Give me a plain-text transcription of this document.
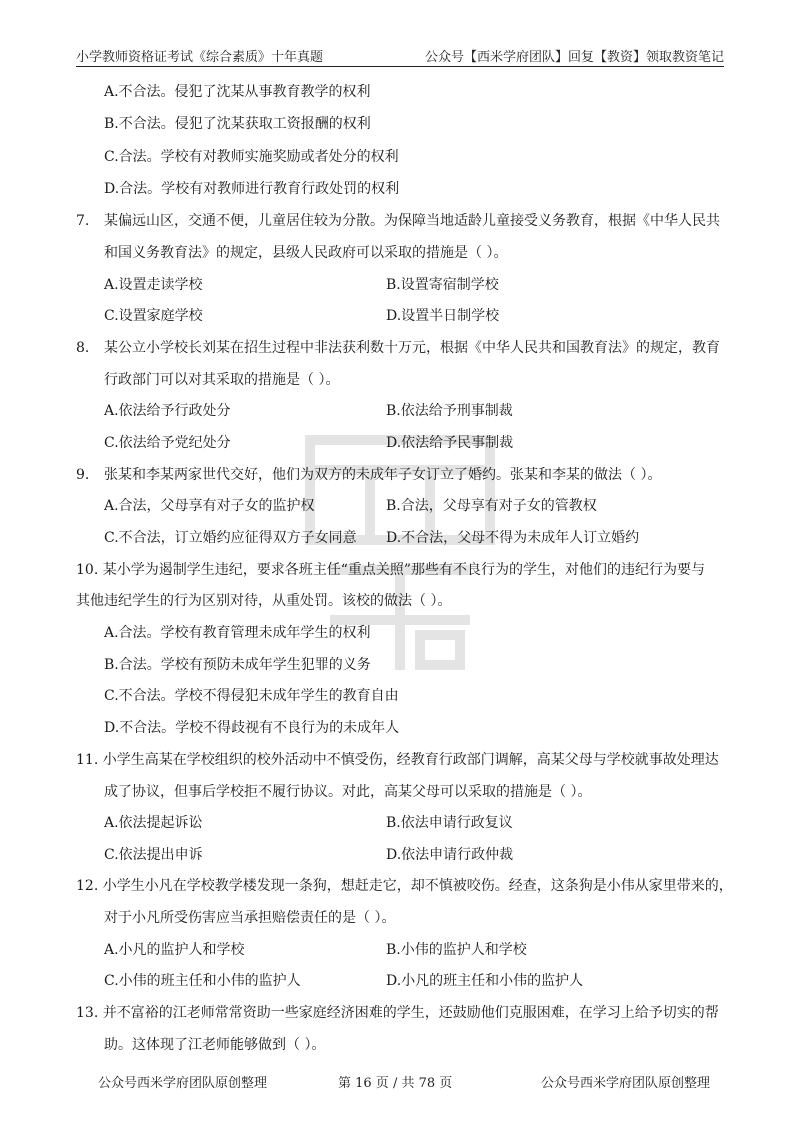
小学教师资格证考试《综合素质》十年真题	公众号【西米学府团队】回复【教资】领取教资笔记
A.不合法。侵犯了沈某从事教育教学的权利
B.不合法。侵犯了沈某获取工资报酬的权利
C.合法。学校有对教师实施奖励或者处分的权利
D.合法。学校有对教师进行教育行政处罚的权利
7. 某偏远山区，交通不便，儿童居住较为分散。为保障当地适龄儿童接受义务教育，根据《中华人民共
和国义务教育法》的规定，县级人民政府可以采取的措施是（ ）。
A.设置走读学校	B.设置寄宿制学校
C.设置家庭学校	D.设置半日制学校
8. 某公立小学校长刘某在招生过程中非法获利数十万元，根据《中华人民共和国教育法》的规定，教育
行政部门可以对其采取的措施是（ ）。
A.依法给予行政处分	B.依法给予刑事制裁
C.依法给予党纪处分	D.依法给予民事制裁
9. 张某和李某两家世代交好，他们为双方的未成年子女订立了婚约。张某和李某的做法（ ）。
A.合法，父母享有对子女的监护权	B.合法，父母享有对子女的管教权
C.不合法，订立婚约应征得双方子女同意 D.不合法，父母不得为未成年人订立婚约
10. 某小学为遏制学生违纪，要求各班主任“重点关照”那些有不良行为的学生，对他们的违纪行为要与
其他违纪学生的行为区别对待，从重处罚。该校的做法（ ）。
A.合法。学校有教育管理未成年学生的权利
B.合法。学校有预防未成年学生犯罪的义务
C.不合法。学校不得侵犯未成年学生的教育自由
D.不合法。学校不得歧视有不良行为的未成年人
11. 小学生高某在学校组织的校外活动中不慎受伤，经教育行政部门调解，高某父母与学校就事故处理达
成了协议，但事后学校拒不履行协议。对此，高某父母可以采取的措施是（ ）。
A.依法提起诉讼	B.依法申请行政复议
C.依法提出申诉	D.依法申请行政仲裁
12. 小学生小凡在学校教学楼发现一条狗，想赶走它，却不慎被咬伤。经查，这条狗是小伟从家里带来的，
对于小凡所受伤害应当承担赔偿责任的是（ ）。
A.小凡的监护人和学校	B.小伟的监护人和学校
C.小伟的班主任和小伟的监护人	D.小凡的班主任和小伟的监护人
13. 并不富裕的江老师常常资助一些家庭经济困难的学生，还鼓励他们克服困难，在学习上给予切实的帮
助。这体现了江老师能够做到（ ）。
公众号西米学府团队原创整理	第 16 页 / 共 78 页	公众号西米学府团队原创整理
